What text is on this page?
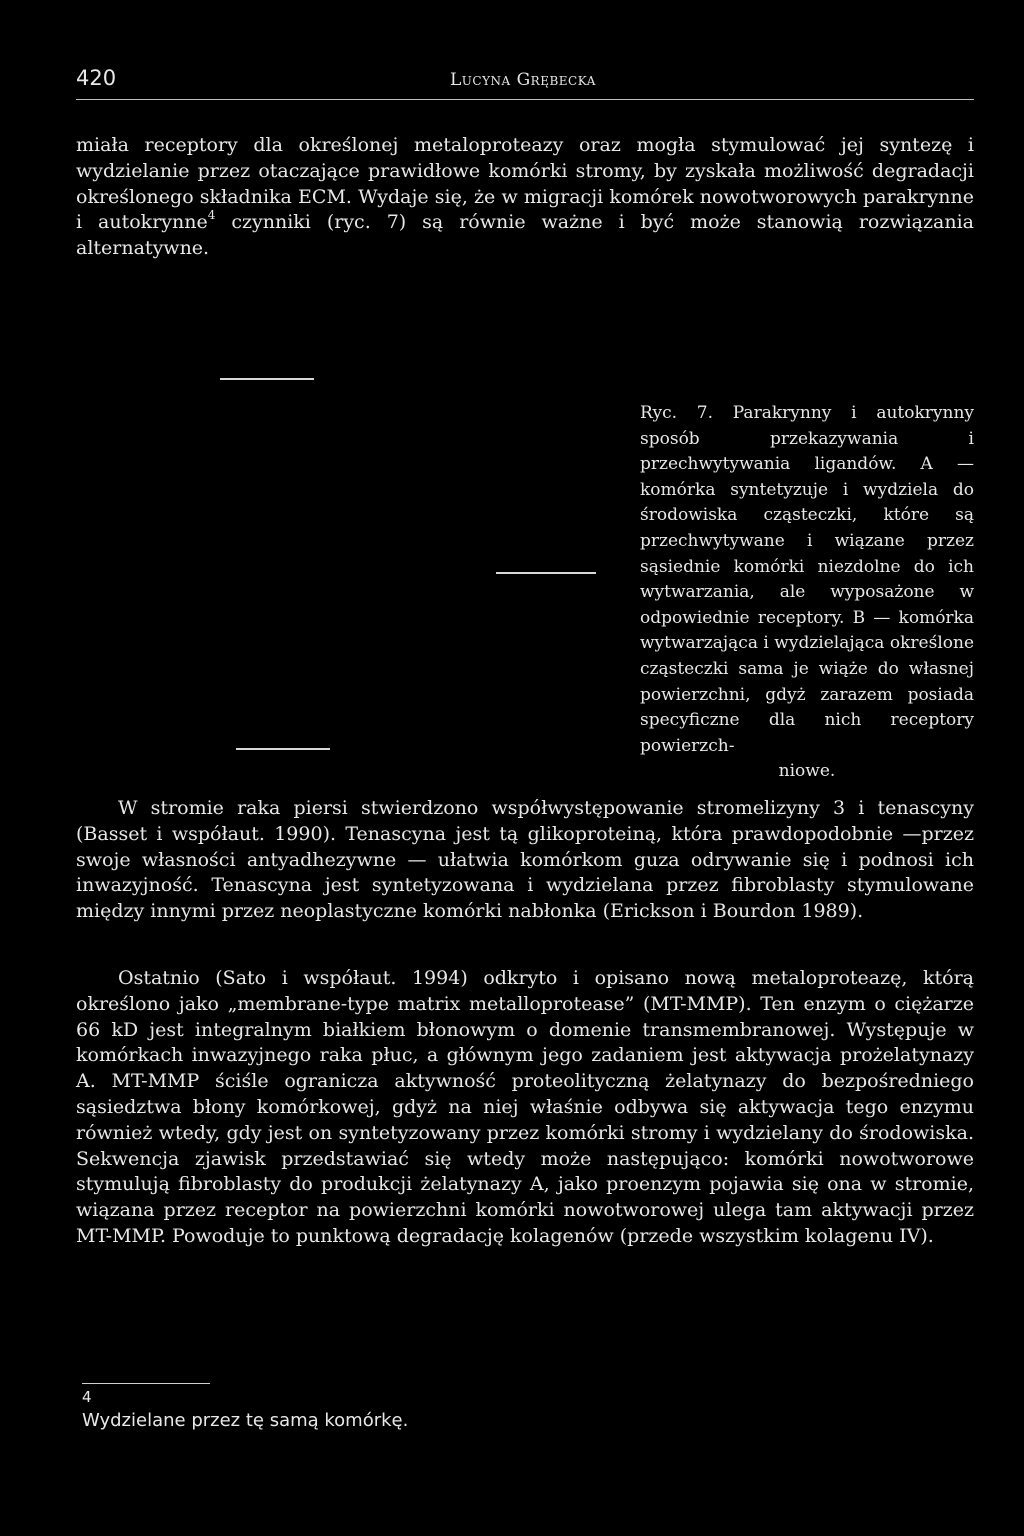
420	Lucyna Grębecka

miała receptory dla określonej metaloproteazy oraz mogła stymulować jej syntezę i wydzielanie przez otaczające prawidłowe komórki stromy, by zyskała możliwość degradacji określonego składnika ECM. Wydaje się, że w migracji komórek nowotworowych parakrynne i autokrynne$^4$ czynniki (ryc. 7) są równie ważne i być może stanowią rozwiązania alternatywne.

Ryc. 7. Parakrynny i autokrynny sposób przekazywania i przechwytywania ligandów. A — komórka syntetyzuje i wydziela do środowiska cząsteczki, które są przechwytywane i wiązane przez sąsiednie komórki niezdolne do ich wytwarzania, ale wyposażone w odpowiednie receptory. B — komórka wytwarzająca i wydzielająca określone cząsteczki sama je wiąże do własnej powierzchni, gdyż zarazem posiada specyficzne dla nich receptory powierzch-
niowe.

W stromie raka piersi stwierdzono współwystępowanie stromelizyny 3 i tenascyny (Basset i współaut. 1990). Tenascyna jest tą glikoproteiną, która prawdopodobnie —przez swoje własności antyadhezywne — ułatwia komórkom guza odrywanie się i podnosi ich inwazyjność. Tenascyna jest syntetyzowana i wydzielana przez fibroblasty stymulowane między innymi przez neoplastyczne komórki nabłonka (Erickson i Bourdon 1989).

Ostatnio (Sato i współaut. 1994) odkryto i opisano nową metaloproteazę, którą określono jako „membrane-type matrix metalloprotease” (MT-MMP). Ten enzym o ciężarze 66 kD jest integralnym białkiem błonowym o domenie transmembranowej. Występuje w komórkach inwazyjnego raka płuc, a głównym jego zadaniem jest aktywacja prożelatynazy A. MT-MMP ściśle ogranicza aktywność proteolityczną żelatynazy do bezpośredniego sąsiedztwa błony komórkowej, gdyż na niej właśnie odbywa się aktywacja tego enzymu również wtedy, gdy jest on syntetyzowany przez komórki stromy i wydzielany do środowiska. Sekwencja zjawisk przedstawiać się wtedy może następująco: komórki nowotworowe stymulują fibroblasty do produkcji żelatynazy A, jako proenzym pojawia się ona w stromie, wiązana przez receptor na powierzchni komórki nowotworowej ulega tam aktywacji przez MT-MMP. Powoduje to punktową degradację kolagenów (przede wszystkim kolagenu IV).

4
Wydzielane przez tę samą komórkę.
